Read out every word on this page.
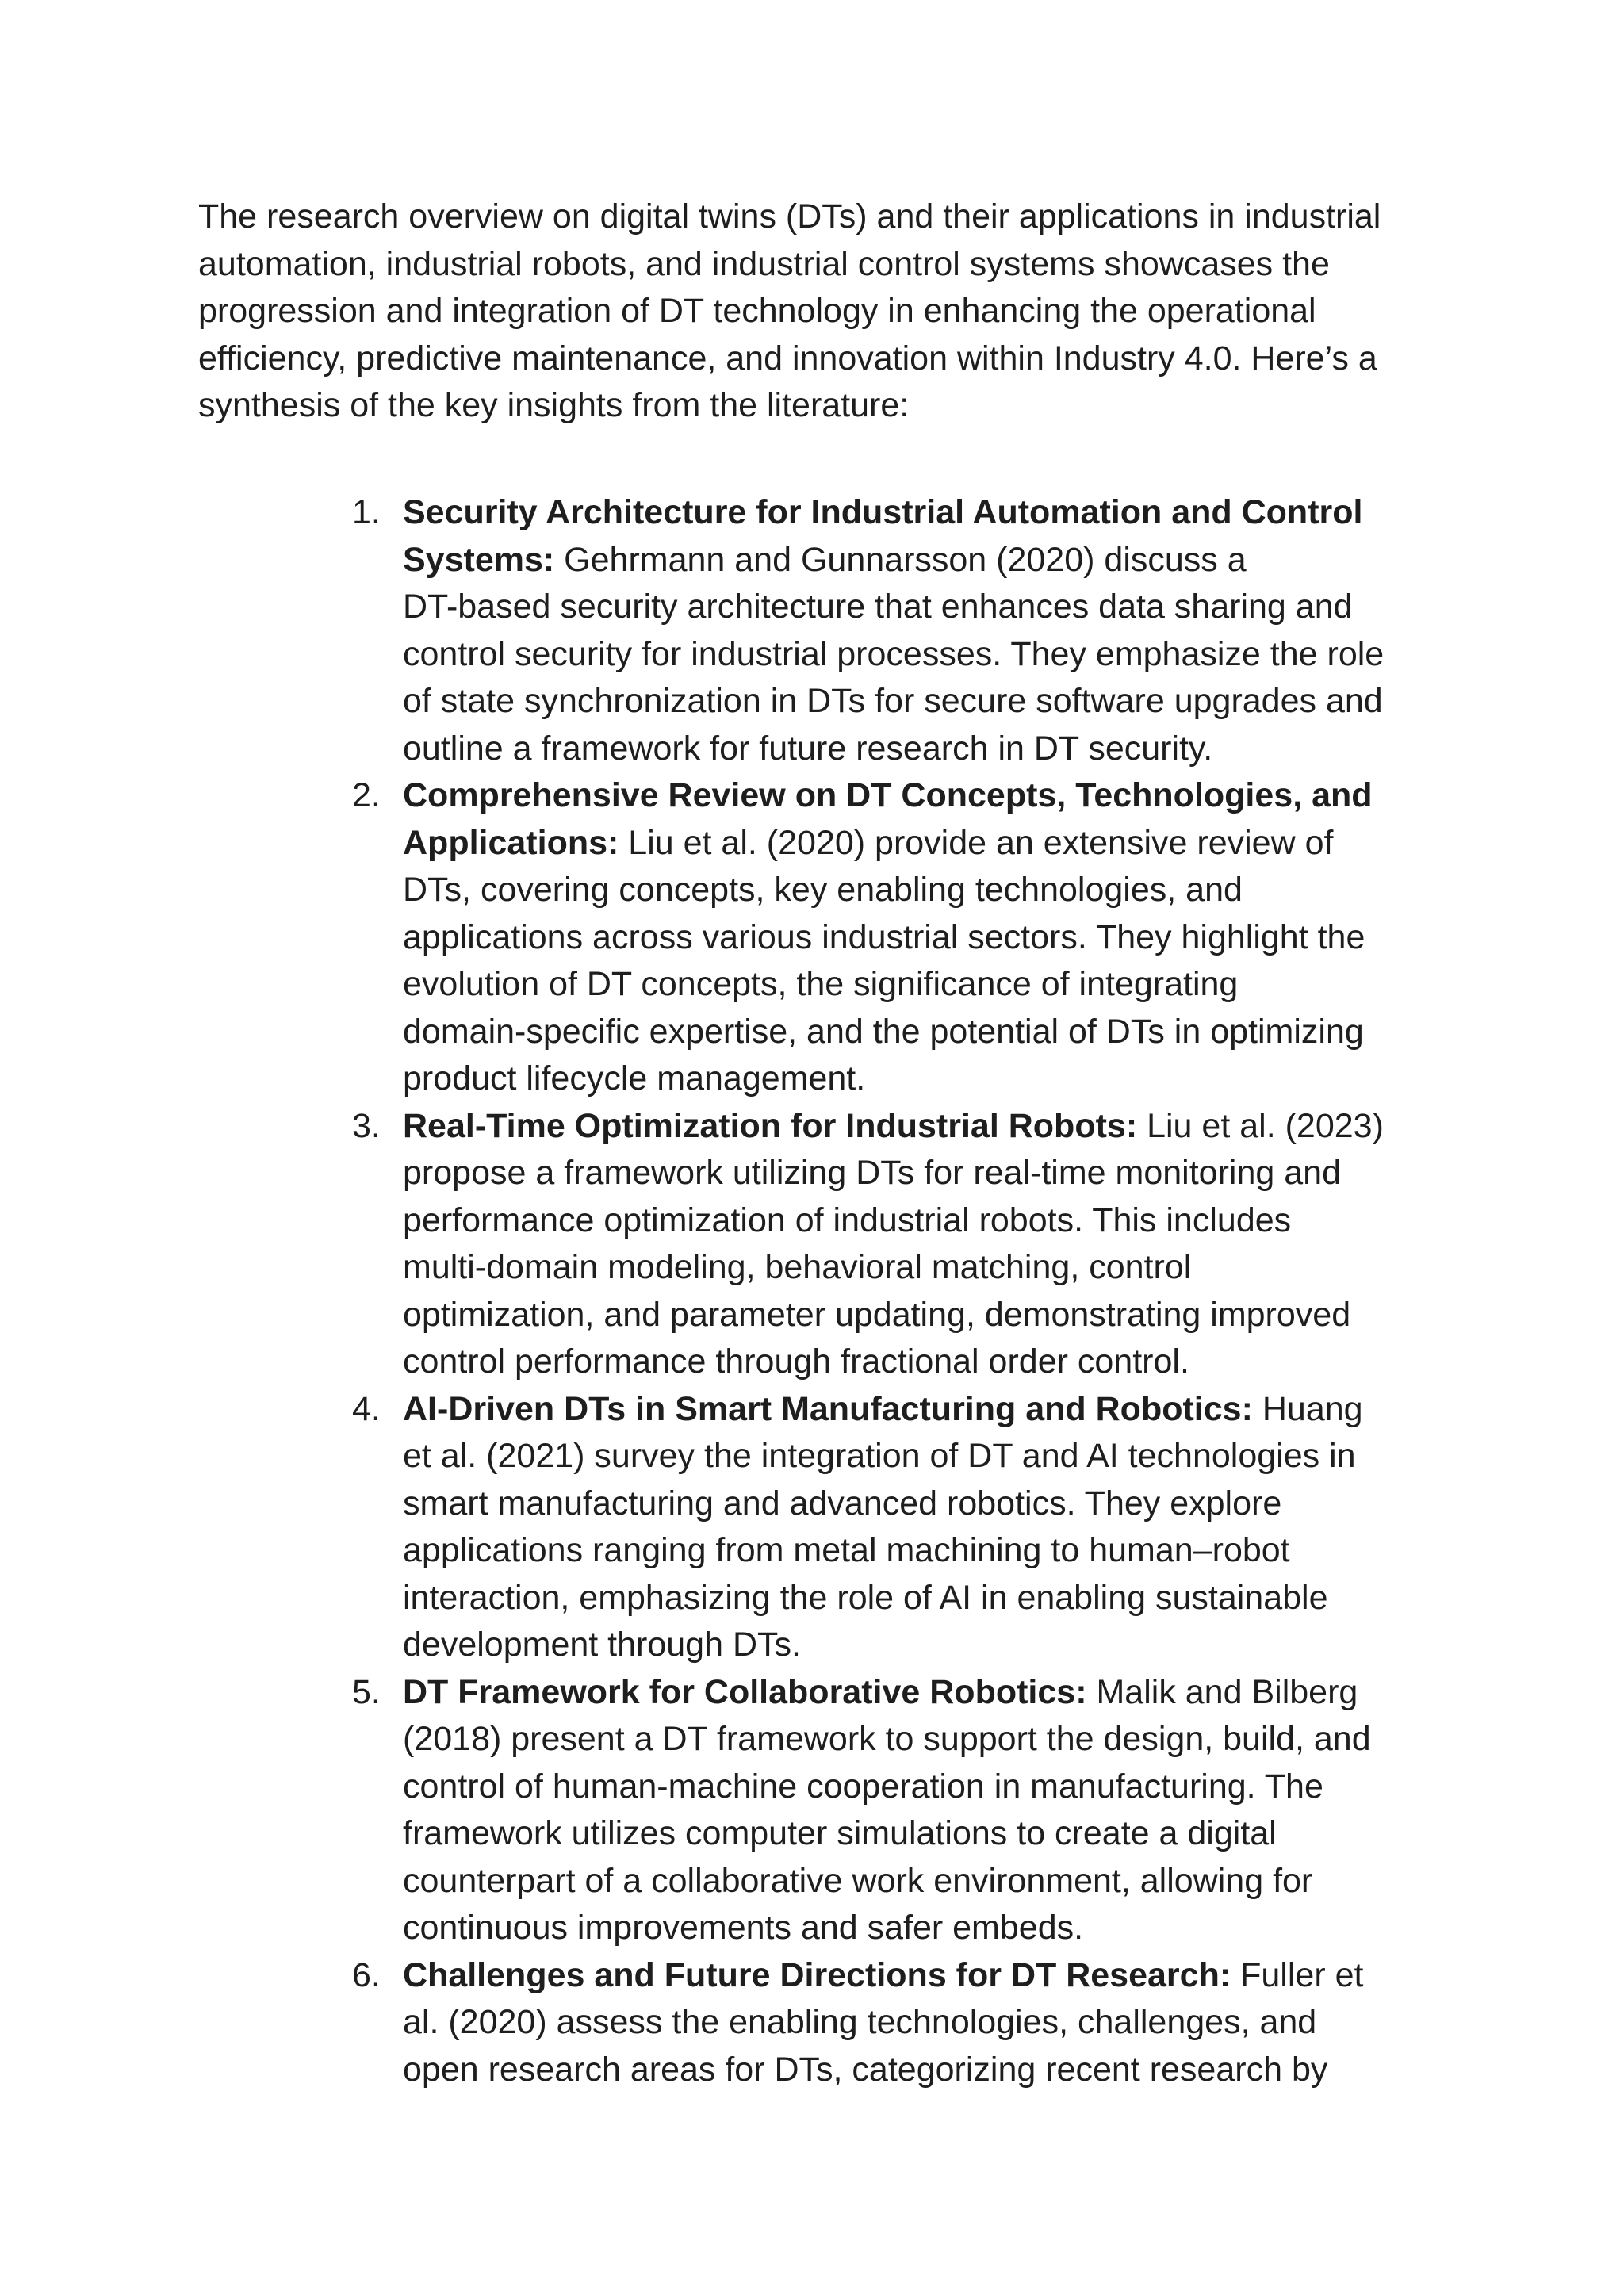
The research overview on digital twins (DTs) and their applications in industrial
automation, industrial robots, and industrial control systems showcases the
progression and integration of DT technology in enhancing the operational
efficiency, predictive maintenance, and innovation within Industry 4.0. Here’s a
synthesis of the key insights from the literature:

1. Security Architecture for Industrial Automation and Control
Systems: Gehrmann and Gunnarsson (2020) discuss a
DT-based security architecture that enhances data sharing and
control security for industrial processes. They emphasize the role
of state synchronization in DTs for secure software upgrades and
outline a framework for future research in DT security.
2. Comprehensive Review on DT Concepts, Technologies, and
Applications: Liu et al. (2020) provide an extensive review of
DTs, covering concepts, key enabling technologies, and
applications across various industrial sectors. They highlight the
evolution of DT concepts, the significance of integrating
domain-specific expertise, and the potential of DTs in optimizing
product lifecycle management.
3. Real-Time Optimization for Industrial Robots: Liu et al. (2023)
propose a framework utilizing DTs for real-time monitoring and
performance optimization of industrial robots. This includes
multi-domain modeling, behavioral matching, control
optimization, and parameter updating, demonstrating improved
control performance through fractional order control.
4. AI-Driven DTs in Smart Manufacturing and Robotics: Huang
et al. (2021) survey the integration of DT and AI technologies in
smart manufacturing and advanced robotics. They explore
applications ranging from metal machining to human–robot
interaction, emphasizing the role of AI in enabling sustainable
development through DTs.
5. DT Framework for Collaborative Robotics: Malik and Bilberg
(2018) present a DT framework to support the design, build, and
control of human-machine cooperation in manufacturing. The
framework utilizes computer simulations to create a digital
counterpart of a collaborative work environment, allowing for
continuous improvements and safer embeds.
6. Challenges and Future Directions for DT Research: Fuller et
al. (2020) assess the enabling technologies, challenges, and
open research areas for DTs, categorizing recent research by
